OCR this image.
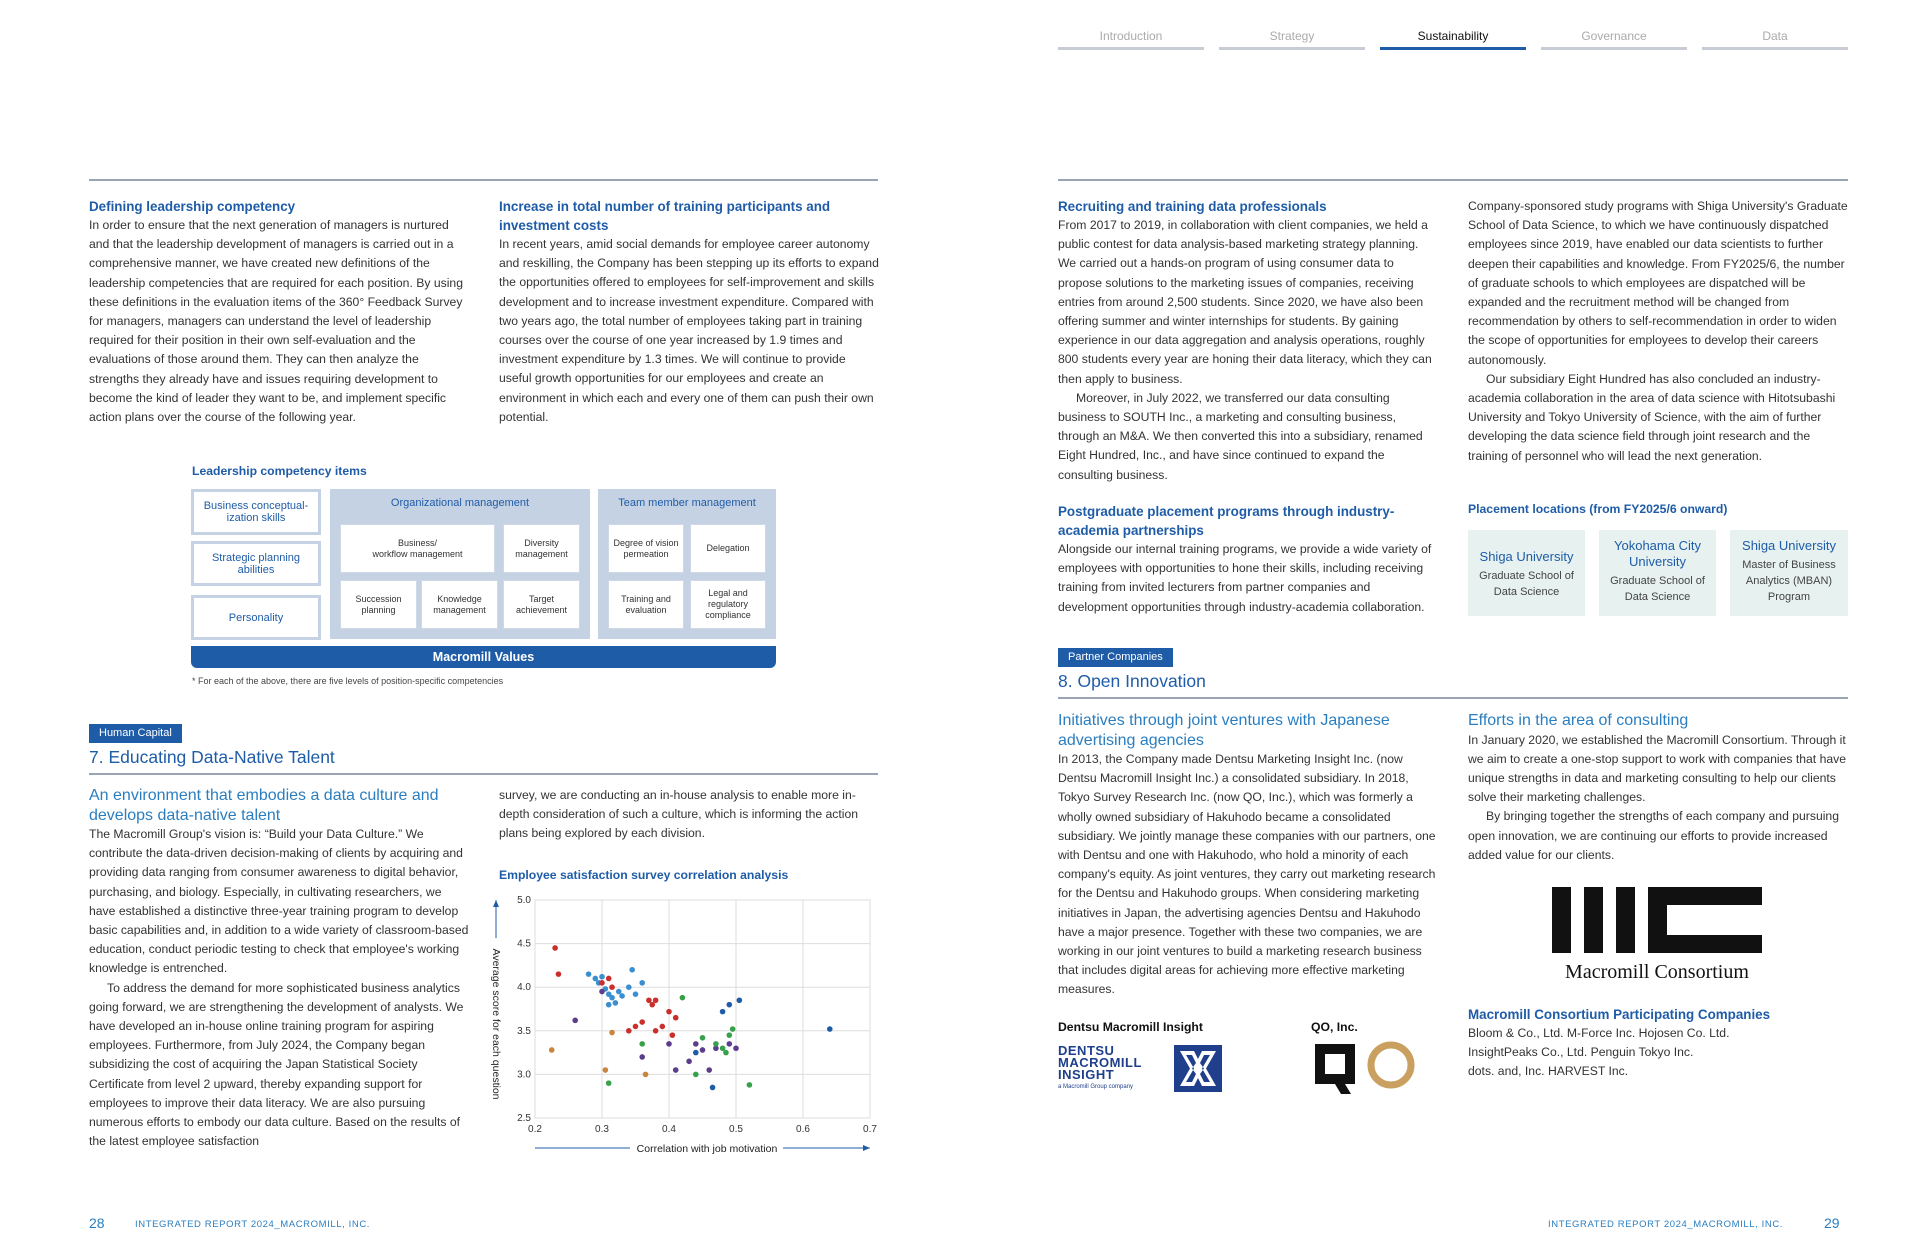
Introduction	Strategy	Sustainability	Governance	Data
Defining leadership competency
In order to ensure that the next generation of managers is nurtured and that the leadership development of managers is carried out in a comprehensive manner, we have created new definitions of the leadership competencies that are required for each position. By using these definitions in the evaluation items of the 360° Feedback Survey for managers, managers can understand the level of leadership required for their position in their own self-evaluation and the evaluations of those around them. They can then analyze the strengths they already have and issues requiring development to become the kind of leader they want to be, and implement specific action plans over the course of the following year.
Increase in total number of training participants and investment costs
In recent years, amid social demands for employee career autonomy and reskilling, the Company has been stepping up its efforts to expand the opportunities offered to employees for self-improvement and skills development and to increase investment expenditure. Compared with two years ago, the total number of employees taking part in training courses over the course of one year increased by 1.9 times and investment expenditure by 1.3 times. We will continue to provide useful growth opportunities for our employees and create an environment in which each and every one of them can push their own potential.
Leadership competency items
Business conceptual-ization skills
Strategic planning abilities
Personality
Organizational management
Business/
workflow management
Diversity
management
Succession
planning
Knowledge
management
Target
achievement
Team member management
Degree of vision
permeation
Delegation
Training and
evaluation
Legal and
regulatory
compliance
Macromill Values
* For each of the above, there are five levels of position-specific competencies
Human Capital
7. Educating Data-Native Talent
An environment that embodies a data culture and develops data-native talent

The Macromill Group's vision is: “Build your Data Culture.” We contribute the data-driven decision-making of clients by acquiring and providing data ranging from consumer awareness to digital behavior, purchasing, and biology. Especially, in cultivating researchers, we have established a distinctive three-year training program to develop basic capabilities and, in addition to a wide variety of classroom-based education, conduct periodic testing to check that employee's working knowledge is entrenched.

To address the demand for more sophisticated business analytics going forward, we are strengthening the development of analysts. We have developed an in-house online training program for aspiring employees. Furthermore, from July 2024, the Company began subsidizing the cost of acquiring the Japan Statistical Society Certificate from level 2 upward, thereby expanding support for employees to improve their data literacy. We are also pursuing numerous efforts to embody our data culture. Based on the results of the latest employee satisfaction

survey, we are conducting an in-house analysis to enable more in-depth consideration of such a culture, which is informing the action plans being explored by each division.
Employee satisfaction survey correlation analysis
0.2	0.3	0.4	0.5	0.6	0.7
2.5
3.0
3.5
4.0
4.5
5.0
Correlation with job motivation
Average score for each question
28	INTEGRATED REPORT 2024_MACROMILL, INC.
Recruiting and training data professionals

From 2017 to 2019, in collaboration with client companies, we held a public contest for data analysis-based marketing strategy planning. We carried out a hands-on program of using consumer data to propose solutions to the marketing issues of companies, receiving entries from around 2,500 students. Since 2020, we have also been offering summer and winter internships for students. By gaining experience in our data aggregation and analysis operations, roughly 800 students every year are honing their data literacy, which they can then apply to business.

Moreover, in July 2022, we transferred our data consulting business to SOUTH Inc., a marketing and consulting business, through an M&A. We then converted this into a subsidiary, renamed Eight Hundred, Inc., and have since continued to expand the consulting business.

Company-sponsored study programs with Shiga University's Graduate School of Data Science, to which we have continuously dispatched employees since 2019, have enabled our data scientists to further deepen their capabilities and knowledge. From FY2025/6, the number of graduate schools to which employees are dispatched will be expanded and the recruitment method will be changed from recommendation by others to self-recommendation in order to widen the scope of opportunities for employees to develop their careers autonomously.

Our subsidiary Eight Hundred has also concluded an industry-academia collaboration in the area of data science with Hitotsubashi University and Tokyo University of Science, with the aim of further developing the data science field through joint research and the training of personnel who will lead the next generation.

Postgraduate placement programs through industry-academia partnerships
Alongside our internal training programs, we provide a wide variety of employees with opportunities to hone their skills, including receiving training from invited lecturers from partner companies and development opportunities through industry-academia collaboration.
Placement locations (from FY2025/6 onward)
Shiga University
Graduate School of Data Science
Yokohama City University
Graduate School of Data Science
Shiga University
Master of Business Analytics (MBAN) Program
Partner Companies
8. Open Innovation
Initiatives through joint ventures with Japanese advertising agencies
In 2013, the Company made Dentsu Marketing Insight Inc. (now Dentsu Macromill Insight Inc.) a consolidated subsidiary. In 2018, Tokyo Survey Research Inc. (now QO, Inc.), which was formerly a wholly owned subsidiary of Hakuhodo became a consolidated subsidiary. We jointly manage these companies with our partners, one with Dentsu and one with Hakuhodo, who hold a minority of each company's equity. As joint ventures, they carry out marketing research for the Dentsu and Hakuhodo groups. When considering marketing initiatives in Japan, the advertising agencies Dentsu and Hakuhodo have a major presence. Together with these two companies, we are working in our joint ventures to build a marketing research business that includes digital areas for achieving more effective marketing measures.
Efforts in the area of consulting

In January 2020, we established the Macromill Consortium. Through it we aim to create a one-stop support to work with companies that have unique strengths in data and marketing consulting to help our clients solve their marketing challenges.

By bringing together the strengths of each company and pursuing open innovation, we are continuing our efforts to provide increased added value for our clients.

Macromill Consortium
Macromill Consortium Participating Companies
Bloom & Co., Ltd. M-Force Inc. Hojosen Co. Ltd.
InsightPeaks Co., Ltd. Penguin Tokyo Inc.
dots. and, Inc. HARVEST Inc.
Dentsu Macromill Insight
DENTSU
MACROMILL
INSIGHT
a Macromill Group company
QO, Inc.
INTEGRATED REPORT 2024_MACROMILL, INC.	29
